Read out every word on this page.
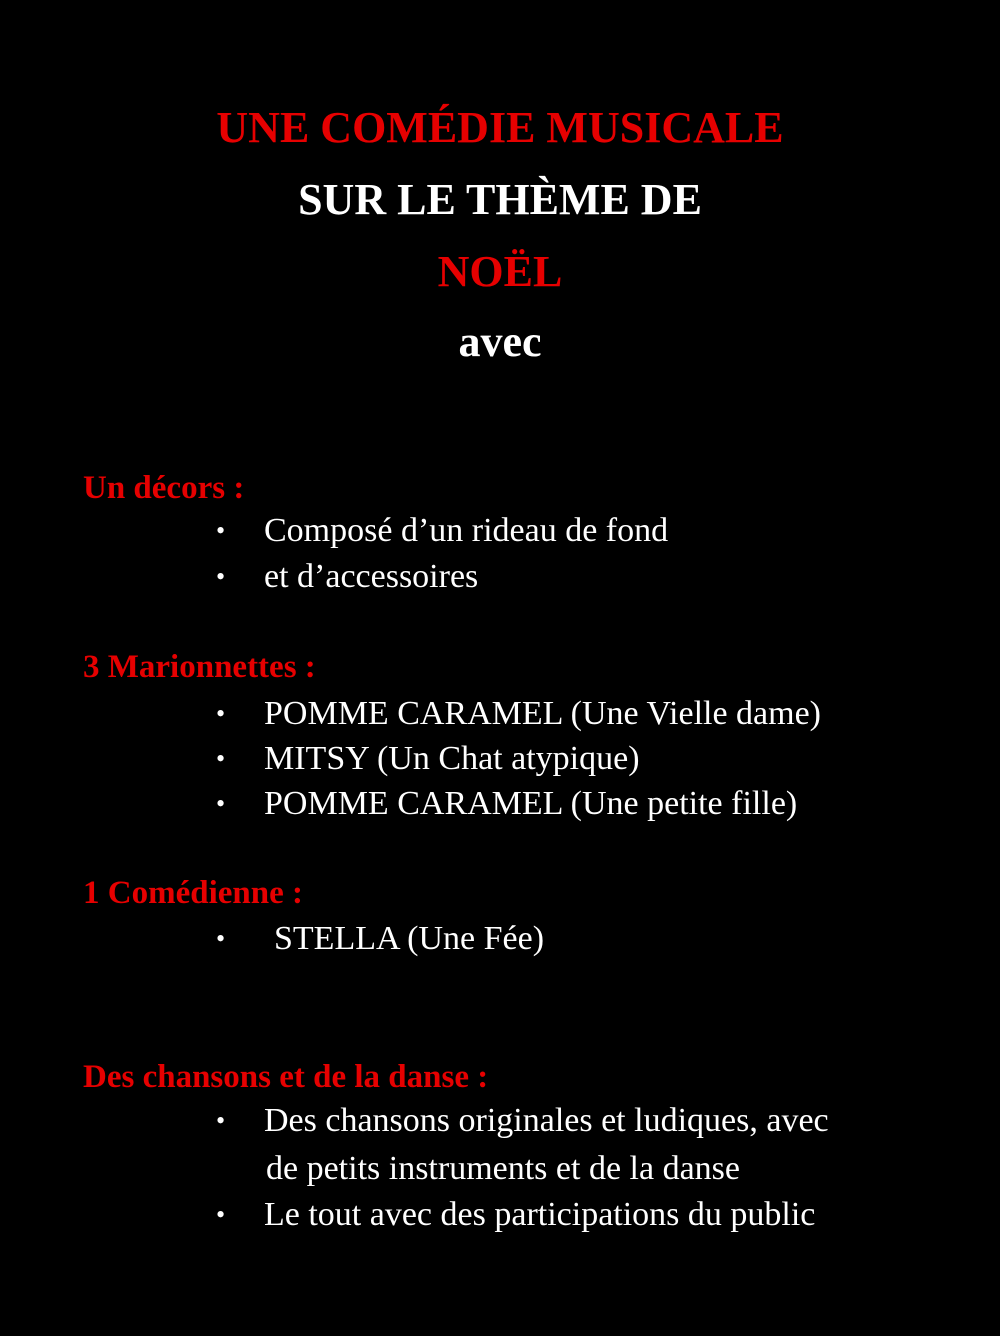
UNE COMÉDIE MUSICALE
SUR LE THÈME DE
NOËL
avec
Un décors :
•	Composé d’un rideau de fond
•	et d’accessoires
3 Marionnettes :
•	POMME CARAMEL (Une Vielle dame)
•	MITSY (Un Chat atypique)
•	POMME CARAMEL (Une petite fille)
1 Comédienne :
•	STELLA (Une Fée)
Des chansons et de la danse :
•	Des chansons originales et ludiques, avec
de petits instruments et de la danse
•	Le tout avec des participations du public
